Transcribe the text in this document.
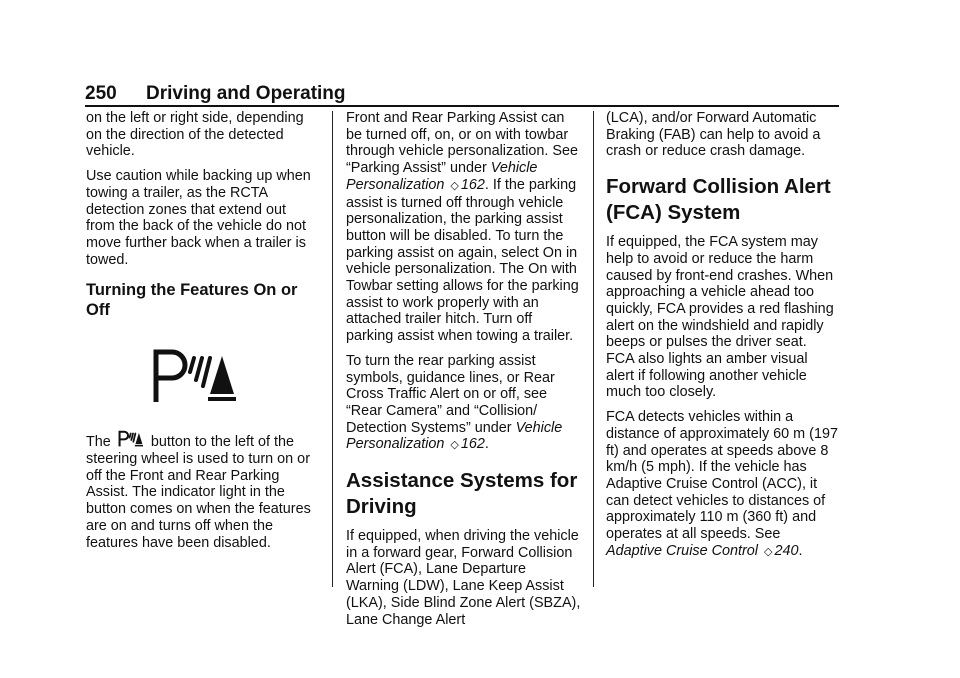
250 Driving and Operating

on the left or right side, depending on the direction of the detected vehicle.

Use caution while backing up when towing a trailer, as the RCTA detection zones that extend out from the back of the vehicle do not move further back when a trailer is towed.

Turning the Features On or Off

The	button to the left of the steering wheel is used to turn on or off the Front and Rear Parking Assist. The indicator light in the button comes on when the features are on and turns off when the features have been disabled.

Front and Rear Parking Assist can be turned off, on, or on with towbar through vehicle personalization. See “Parking Assist” under Vehicle Personalization ◇ 162. If the parking assist is turned off through vehicle personalization, the parking assist button will be disabled. To turn the parking assist on again, select On in vehicle personalization. The On with Towbar setting allows for the parking assist to work properly with an attached trailer hitch. Turn off parking assist when towing a trailer.

To turn the rear parking assist symbols, guidance lines, or Rear Cross Traffic Alert on or off, see “Rear Camera” and “Collision/ Detection Systems” under Vehicle Personalization ◇ 162.

Assistance Systems for Driving

If equipped, when driving the vehicle in a forward gear, Forward Collision Alert (FCA), Lane Departure Warning (LDW), Lane Keep Assist (LKA), Side Blind Zone Alert (SBZA), Lane Change Alert

(LCA), and/or Forward Automatic Braking (FAB) can help to avoid a crash or reduce crash damage.

Forward Collision Alert (FCA) System

If equipped, the FCA system may help to avoid or reduce the harm caused by front-end crashes. When approaching a vehicle ahead too quickly, FCA provides a red flashing alert on the windshield and rapidly beeps or pulses the driver seat. FCA also lights an amber visual alert if following another vehicle much too closely.

FCA detects vehicles within a distance of approximately 60 m (197 ft) and operates at speeds above 8 km/h (5 mph). If the vehicle has Adaptive Cruise Control (ACC), it can detect vehicles to distances of approximately 110 m (360 ft) and operates at all speeds. See Adaptive Cruise Control ◇ 240.
